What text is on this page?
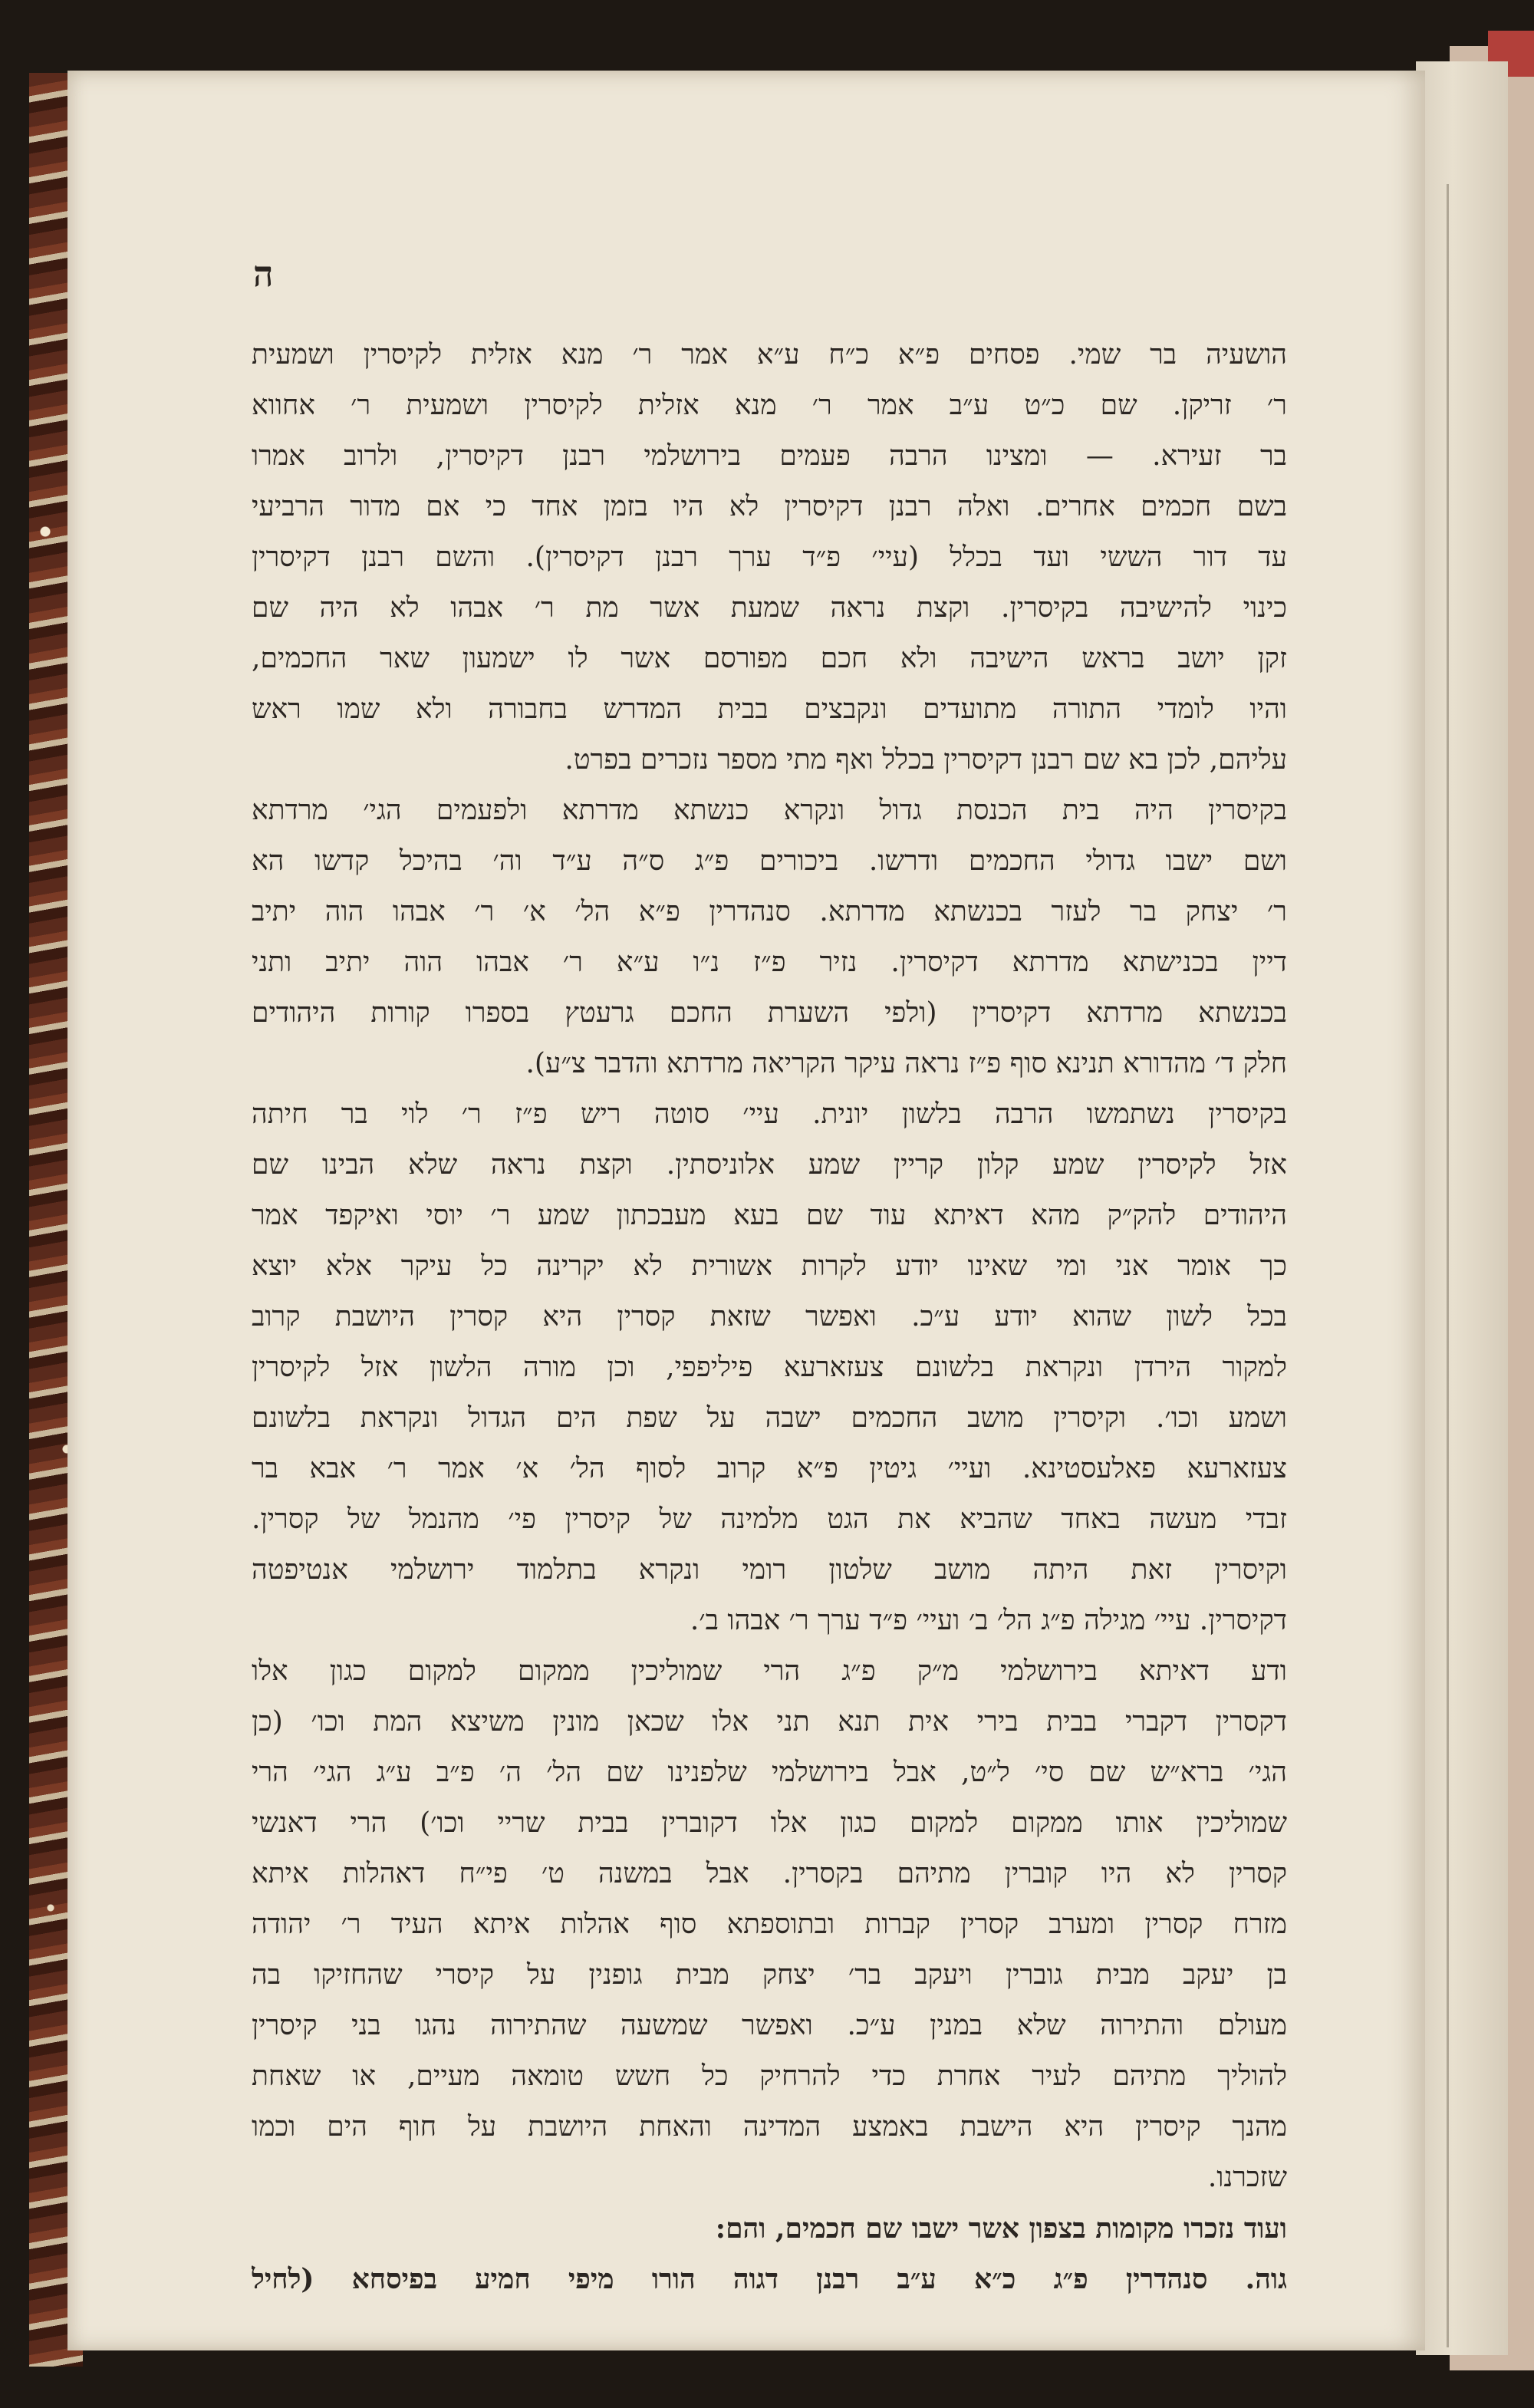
ה
הושעיה בר שמי. פסחים פ״א כ״ח ע״א אמר ר׳ מנא אזלית לקיסרין ושמעית
ר׳ זריקן. שם כ״ט ע״ב אמר ר׳ מנא אזלית לקיסרין ושמעית ר׳ אחווא
בר זעירא. — ומצינו הרבה פעמים בירושלמי רבנן דקיסרין, ולרוב אמרו
בשם חכמים אחרים. ואלה רבנן דקיסרין לא היו בזמן אחד כי אם מדור הרביעי
עד דור הששי ועד בכלל (עיי׳ פ״ד ערך רבנן דקיסרין). והשם רבנן דקיסרין
כינוי להישיבה בקיסרין. וקצת נראה שמעת אשר מת ר׳ אבהו לא היה שם
זקן יושב בראש הישיבה ולא חכם מפורסם אשר לו ישמעון שאר החכמים,
והיו לומדי התורה מתועדים ונקבצים בבית המדרש בחבורה ולא שמו ראש
עליהם, לכן בא שם רבנן דקיסרין בכלל ואף מתי מספר נזכרים בפרט.
בקיסרין היה בית הכנסת גדול ונקרא כנשתא מדרתא ולפעמים הגי׳ מרדתא
ושם ישבו גדולי החכמים ודרשו. ביכורים פ״ג ס״ה ע״ד וה׳ בהיכל קדשו הא
ר׳ יצחק בר לעזר בכנשתא מדרתא. סנהדרין פ״א הל׳ א׳ ר׳ אבהו הוה יתיב
דיין בכנישתא מדרתא דקיסרין. נזיר פ״ז נ״ו ע״א ר׳ אבהו הוה יתיב ותני
בכנשתא מרדתא דקיסרין (ולפי השערת החכם גרעטץ בספרו קורות היהודים
חלק ד׳ מהדורא תנינא סוף פ״ז נראה עיקר הקריאה מרדתא והדבר צ״ע).
בקיסרין נשתמשו הרבה בלשון יונית. עיי׳ סוטה ריש פ״ז ר׳ לוי בר חיתה
אזל לקיסרין שמע קלון קריין שמע אלוניסתין. וקצת נראה שלא הבינו שם
היהודים להק״ק מהא דאיתא עוד שם בעא מעבכתון שמע ר׳ יוסי ואיקפד אמר
כך אומר אני ומי שאינו יודע לקרות אשורית לא יקרינה כל עיקר אלא יוצא
בכל לשון שהוא יודע ע״כ. ואפשר שזאת קסרין היא קסרין היושבת קרוב
למקור הירדן ונקראת בלשונם צעזארעא פיליפפי, וכן מורה הלשון אזל לקיסרין
ושמע וכו׳. וקיסרין מושב החכמים ישבה על שפת הים הגדול ונקראת בלשונם
צעזארעא פאלעסטינא. ועיי׳ גיטין פ״א קרוב לסוף הל׳ א׳ אמר ר׳ אבא בר
זבדי מעשה באחד שהביא את הגט מלמינה של קיסרין פי׳ מהנמל של קסרין.
וקיסרין זאת היתה מושב שלטון רומי ונקרא בתלמוד ירושלמי אנטיפטה
דקיסרין. עיי׳ מגילה פ״ג הל׳ ב׳ ועיי׳ פ״ד ערך ר׳ אבהו ב׳.
ודע דאיתא בירושלמי מ״ק פ״ג הרי שמוליכין ממקום למקום כגון אלו
דקסרין דקברי בבית בירי אית תנא תני אלו שכאן מונין משיצא המת וכו׳ (כן
הגי׳ ברא״ש שם סי׳ ל״ט, אבל בירושלמי שלפנינו שם הל׳ ה׳ פ״ב ע״ג הגי׳ הרי
שמוליכין אותו ממקום למקום כגון אלו דקוברין בבית שריי וכו׳) הרי דאנשי
קסרין לא היו קוברין מתיהם בקסרין. אבל במשנה ט׳ פי״ח דאהלות איתא
מזרח קסרין ומערב קסרין קברות ובתוספתא סוף אהלות איתא העיד ר׳ יהודה
בן יעקב מבית גוברין ויעקב בר׳ יצחק מבית גופנין על קיסרי שהחזיקו בה
מעולם והתירוה שלא במנין ע״כ. ואפשר שמשעה שהתירוה נהגו בני קיסרין
להוליך מתיהם לעיר אחרת כדי להרחיק כל חשש טומאה מעיים, או שאחת
מהנך קיסרין היא הישבת באמצע המדינה והאחת היושבת על חוף הים וכמו
שזכרנו.
ועוד נזכרו מקומות בצפון אשר ישבו שם חכמים, והם:
גוה. סנהדרין פ״ג כ״א ע״ב רבנן דגוה הורו מיפי חמיע בפיסחא (לחיל
